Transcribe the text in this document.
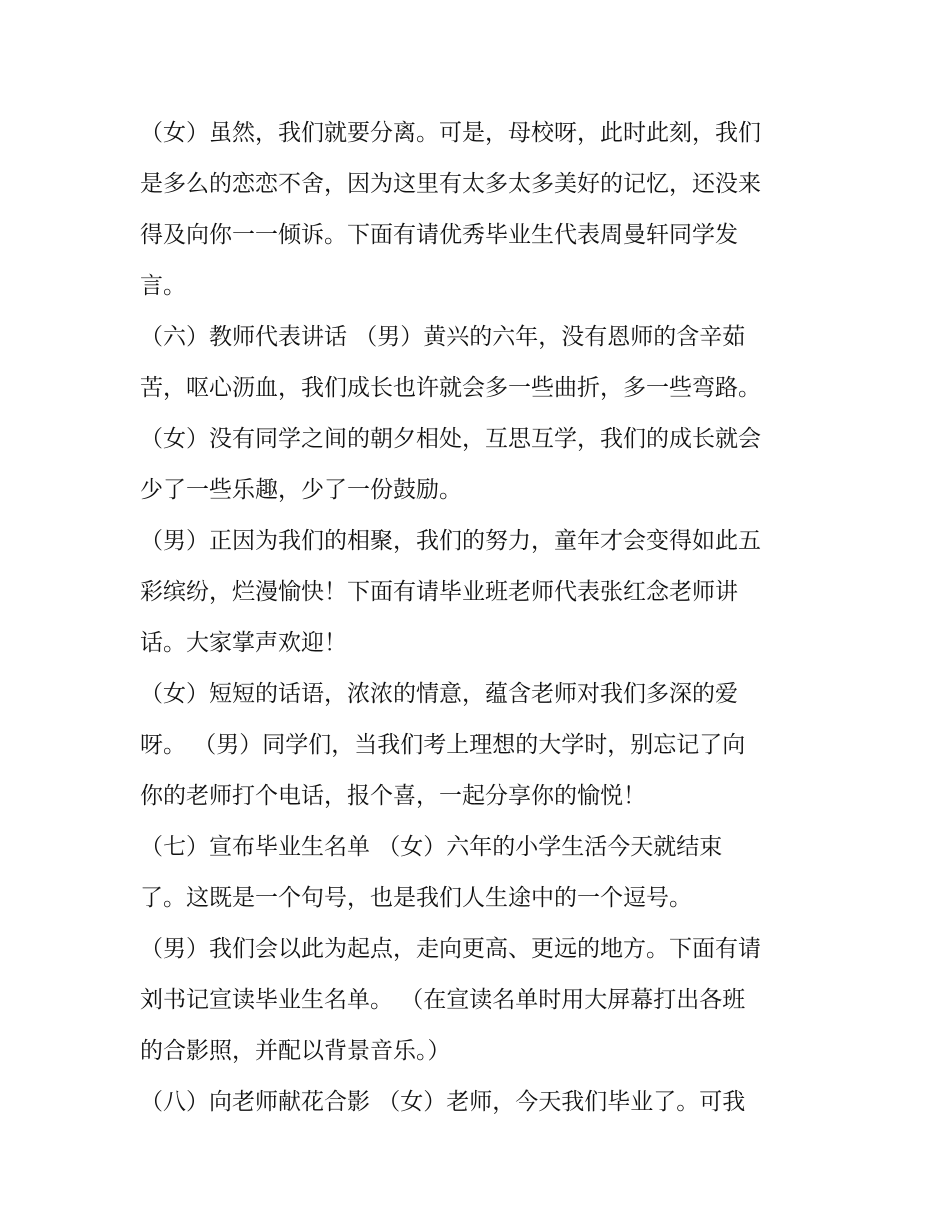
（女）虽然，我们就要分离。可是，母校呀，此时此刻，我们
是多么的恋恋不舍，因为这里有太多太多美好的记忆，还没来
得及向你一一倾诉。下面有请优秀毕业生代表周曼轩同学发
言。
（六）教师代表讲话 （男）黄兴的六年，没有恩师的含辛茹
苦，呕心沥血，我们成长也许就会多一些曲折，多一些弯路。
（女）没有同学之间的朝夕相处，互思互学，我们的成长就会
少了一些乐趣，少了一份鼓励。
（男）正因为我们的相聚，我们的努力，童年才会变得如此五
彩缤纷，烂漫愉快！下面有请毕业班老师代表张红念老师讲
话。大家掌声欢迎！
（女）短短的话语，浓浓的情意，蕴含老师对我们多深的爱
呀。 （男）同学们，当我们考上理想的大学时，别忘记了向
你的老师打个电话，报个喜，一起分享你的愉悦！
（七）宣布毕业生名单 （女）六年的小学生活今天就结束
了。这既是一个句号，也是我们人生途中的一个逗号。
（男）我们会以此为起点，走向更高、更远的地方。下面有请
刘书记宣读毕业生名单。 （在宣读名单时用大屏幕打出各班
的合影照，并配以背景音乐。）
（八）向老师献花合影 （女）老师，今天我们毕业了。可我
